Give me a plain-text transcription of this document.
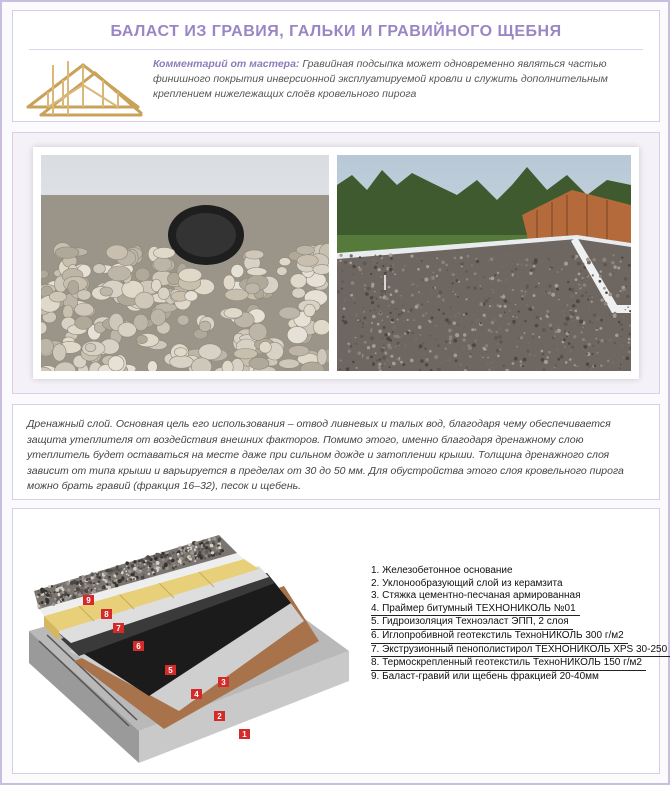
БАЛАСТ ИЗ ГРАВИЯ, ГАЛЬКИ И ГРАВИЙНОГО ЩЕБНЯ
Комментарий от мастера: Гравийная подсыпка может одновременно являться частью финишного покрытия инверсионной эксплуатируемой кровли и служить дополнительным креплением нижележащих слоёв кровельного пирога
Дренажный слой. Основная цель его использования – отвод ливневых и талых вод, благодаря чему обеспечивается защита утеплителя от воздействия внешних факторов. Помимо этого, именно благодаря дренажному слою утеплитель будет оставаться на месте даже при сильном дожде и затоплении крыши. Толщина дренажного слоя зависит от типа крыши и варьируется в пределах от 30 до 50 мм. Для обустройства этого слоя кровельного пирога можно брать гравий (фракция 16–32), песок и щебень.
9
8
7
6
5
4
3
2
1
1. Железобетонное основание
2. Уклонообразующий слой из керамзита
3. Стяжка цементно-песчаная армированная
4. Праймер битумный ТЕХНОНИКОЛЬ №01
5. Гидроизоляция Техноэласт ЭПП, 2 слоя
6. Иглопробивной геотекстиль ТехноНИКОЛЬ 300 г/м2
7. Экструзионный пенополистирол ТЕХНОНИКОЛЬ XPS 30-250
8. Термоскрепленный геотекстиль ТехноНИКОЛЬ 150 г/м2
9. Баласт-гравий или щебень фракцией 20-40мм
